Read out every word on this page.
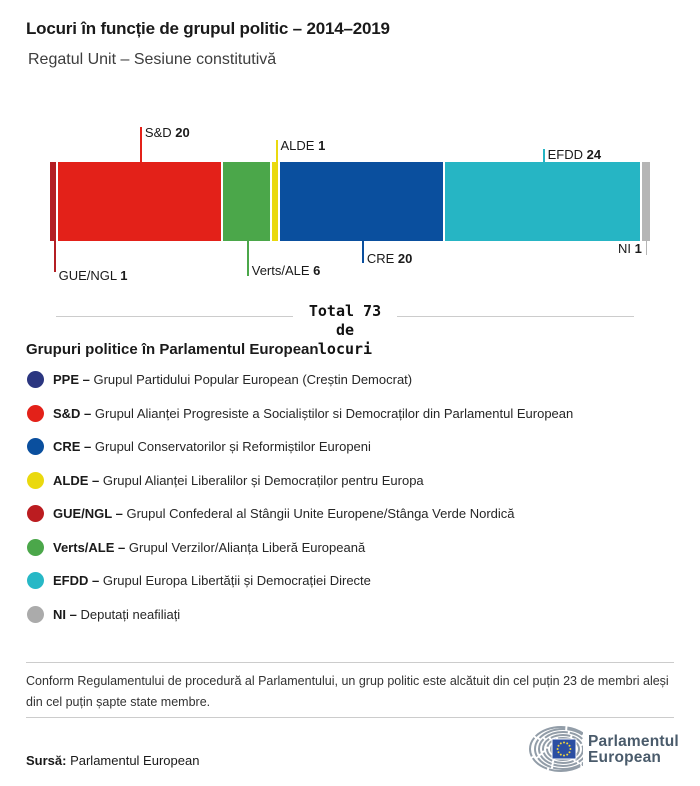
Locuri în funcție de grupul politic – 2014–2019
Regatul Unit – Sesiune constitutivă
GUE/NGL 1
S&D 20
Verts/ALE 6
ALDE 1
CRE 20
EFDD 24
NI 1
Total 73 de locuri
Grupuri politice în Parlamentul European
PPE – Grupul Partidului Popular European (Creștin Democrat)
S&D – Grupul Alianței Progresiste a Socialiștilor si Democraților din Parlamentul European
CRE – Grupul Conservatorilor și Reformiștilor Europeni
ALDE – Grupul Alianței Liberalilor și Democraților pentru Europa
GUE/NGL – Grupul Confederal al Stângii Unite Europene/Stânga Verde Nordică
Verts/ALE – Grupul Verzilor/Alianța Liberă Europeană
EFDD – Grupul Europa Libertății și Democrației Directe
NI – Deputați neafiliați
Conform Regulamentului de procedură al Parlamentului, un grup politic este alcătuit din cel puțin 23 de membri aleși din cel puțin șapte state membre.
Sursă: Parlamentul European
Parlamentul
European
